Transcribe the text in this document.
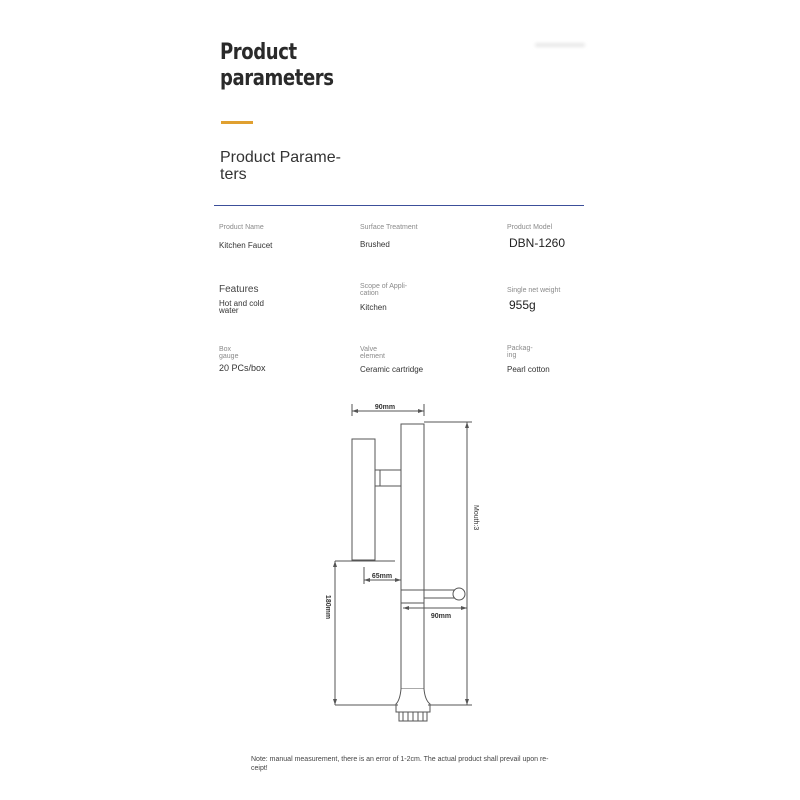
Product
parameters
Product Parame-
ters
Product Name
Kitchen Faucet
Surface Treatment
Brushed
Product Model
DBN-1260
Features
Hot and cold
water
Scope of Appli-
cation
Kitchen
Single net weight
955g
Box
gauge
20 PCs/box
Valve
element
Ceramic cartridge
Packag-
ing
Pearl cotton
90mm
Mouth:3
65mm
180mm	90mm
Note: manual measurement, there is an error of 1-2cm. The actual product shall prevail upon re-
ceipt!
